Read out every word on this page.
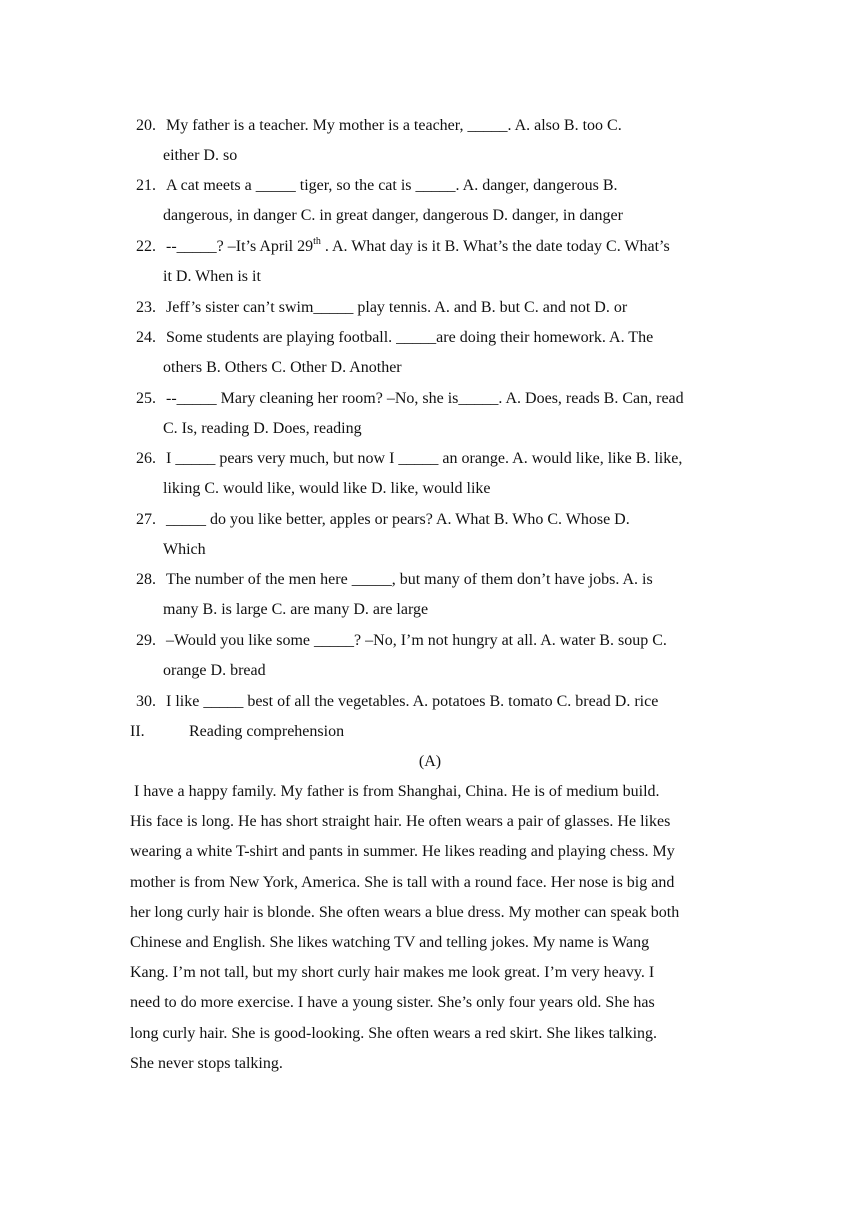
20. My father is a teacher. My mother is a teacher, _____. A. also B. too C.
either D. so
21. A cat meets a _____ tiger, so the cat is _____. A. danger, dangerous B.
dangerous, in danger C. in great danger, dangerous D. danger, in danger
22. --_____? –It’s April 29th . A. What day is it B. What’s the date today C. What’s
it D. When is it
23. Jeff’s sister can’t swim_____ play tennis. A. and B. but C. and not D. or
24. Some students are playing football. _____are doing their homework. A. The
others B. Others C. Other D. Another
25. --_____ Mary cleaning her room? –No, she is_____. A. Does, reads B. Can, read
C. Is, reading D. Does, reading
26. I _____ pears very much, but now I _____ an orange. A. would like, like B. like,
liking C. would like, would like D. like, would like
27. _____ do you like better, apples or pears? A. What B. Who C. Whose D.
Which
28. The number of the men here _____, but many of them don’t have jobs. A. is
many B. is large C. are many D. are large
29. –Would you like some _____? –No, I’m not hungry at all. A. water B. soup C.
orange D. bread
30. I like _____ best of all the vegetables. A. potatoes B. tomato C. bread D. rice
II.	Reading comprehension
(A)
I have a happy family. My father is from Shanghai, China. He is of medium build.
His face is long. He has short straight hair. He often wears a pair of glasses. He likes
wearing a white T-shirt and pants in summer. He likes reading and playing chess. My
mother is from New York, America. She is tall with a round face. Her nose is big and
her long curly hair is blonde. She often wears a blue dress. My mother can speak both
Chinese and English. She likes watching TV and telling jokes. My name is Wang
Kang. I’m not tall, but my short curly hair makes me look great. I’m very heavy. I
need to do more exercise. I have a young sister. She’s only four years old. She has
long curly hair. She is good-looking. She often wears a red skirt. She likes talking.
She never stops talking.
